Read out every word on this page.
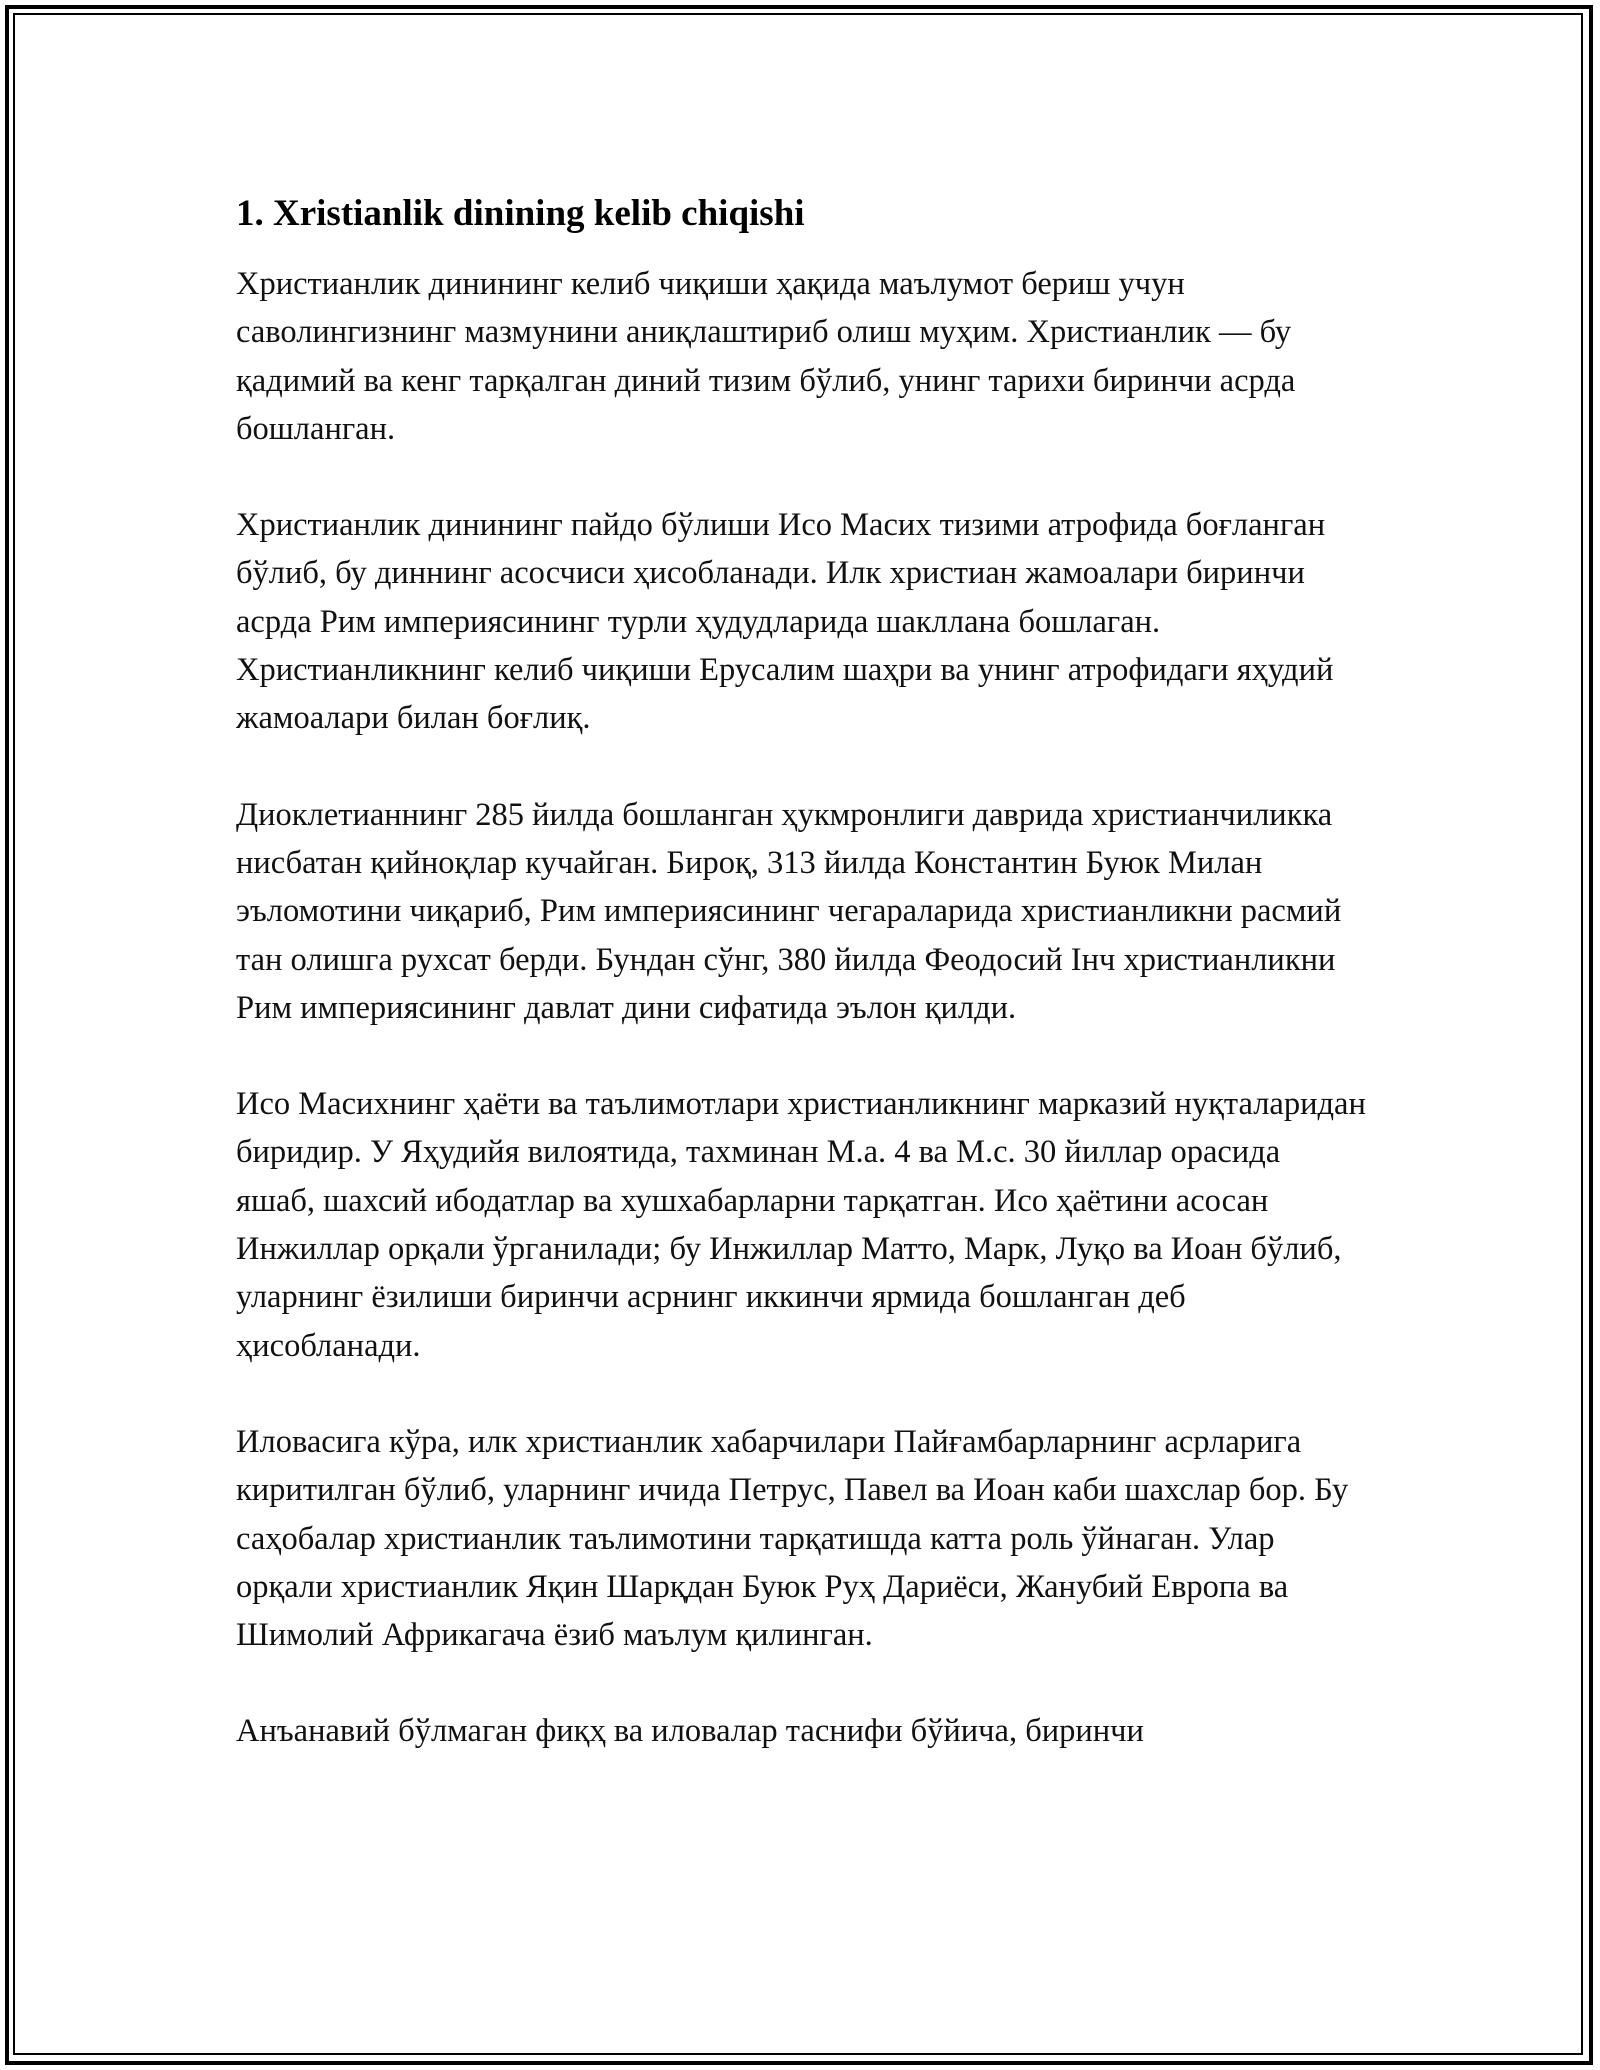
1. Xristianlik dinining kelib chiqishi

Христианлик динининг келиб чиқиши ҳақида маълумот бериш учун саволингизнинг мазмунини аниқлаштириб олиш муҳим. Христианлик — бу қадимий ва кенг тарқалган диний тизим бўлиб, унинг тарихи биринчи асрда бошланган.

Христианлик динининг пайдо бўлиши Исо Масих тизими атрофида боғланган бўлиб, бу диннинг асосчиси ҳисобланади. Илк христиан жамоалари биринчи асрда Рим империясининг турли ҳудудларида шаклланa бошлаган. Христианликнинг келиб чиқиши Ерусалим шаҳри ва унинг атрофидаги яҳудий жамоалари билан боғлиқ.

Диоклетианнинг 285 йилда бошланган ҳукмронлиги даврида христианчиликка нисбатан қийноқлар кучайган. Бироқ, 313 йилда Константин Буюк Милан эъломотини чиқариб, Рим империясининг чегараларида христианликни расмий тан олишга рухсат берди. Бундан сўнг, 380 йилда Феодосий Інч христианликни Рим империясининг давлат дини сифатида эълон қилди.

Исо Масихнинг ҳаёти ва таълимотлари христианликнинг марказий нуқталаридан биридир. У Яҳудийя вилоятида, тахминан М.а. 4 ва М.с. 30 йиллар орасида яшаб, шахсий ибодатлар ва хушхабарларни тарқатган. Исо ҳаётини асосан Инжиллар орқали ўрганилади; бу Инжиллар Матто, Марк, Луқо ва Иоан бўлиб, уларнинг ёзилиши биринчи асрнинг иккинчи ярмида бошланган деб ҳисобланади.

Иловасига кўра, илк христианлик хабарчилари Пайғамбарларнинг асрларига киритилган бўлиб, уларнинг ичида Петрус, Павел ва Иоан каби шахслар бор. Бу саҳобалар христианлик таълимотини тарқатишда катта роль ўйнаган. Улар орқали христианлик Яқин Шарқдан Буюк Руҳ Дариёси, Жанубий Европа ва Шимолий Африкагача ёзиб маълум қилинган.

Анъанавий бўлмаган фиқҳ ва иловалар таснифи бўйича, биринчи
